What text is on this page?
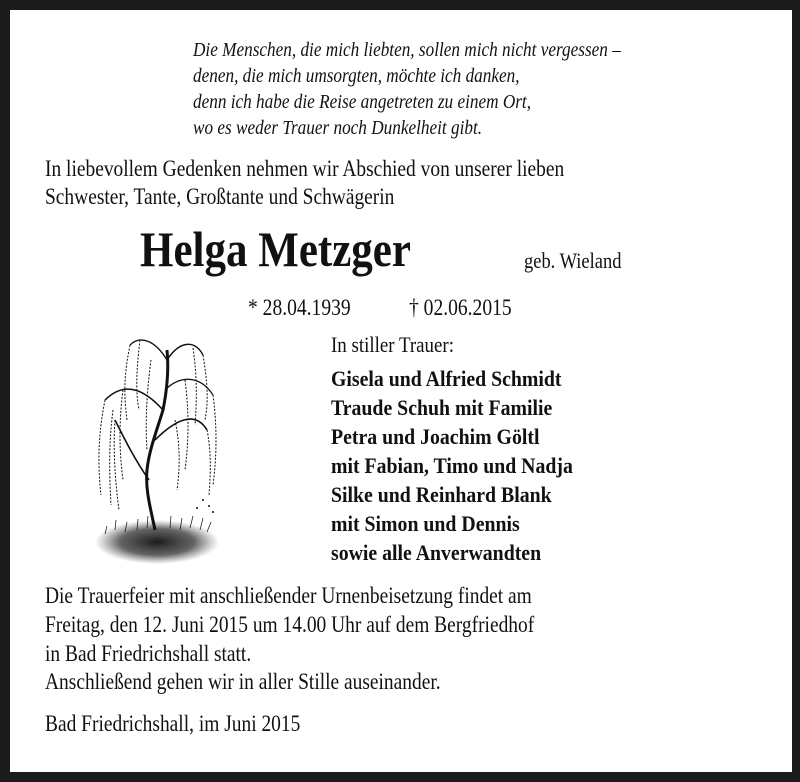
Die Menschen, die mich liebten, sollen mich nicht vergessen –
denen, die mich umsorgten, möchte ich danken,
denn ich habe die Reise angetreten zu einem Ort,
wo es weder Trauer noch Dunkelheit gibt.
In liebevollem Gedenken nehmen wir Abschied von unserer lieben
Schwester, Tante, Großtante und Schwägerin
Helga Metzger	geb. Wieland
* 28.04.1939	† 02.06.2015
In stiller Trauer:
Gisela und Alfried Schmidt
Traude Schuh mit Familie
Petra und Joachim Göltl
mit Fabian, Timo und Nadja
Silke und Reinhard Blank
mit Simon und Dennis
sowie alle Anverwandten
Die Trauerfeier mit anschließender Urnenbeisetzung findet am
Freitag, den 12. Juni 2015 um 14.00 Uhr auf dem Bergfriedhof
in Bad Friedrichshall statt.
Anschließend gehen wir in aller Stille auseinander.
Bad Friedrichshall, im Juni 2015
